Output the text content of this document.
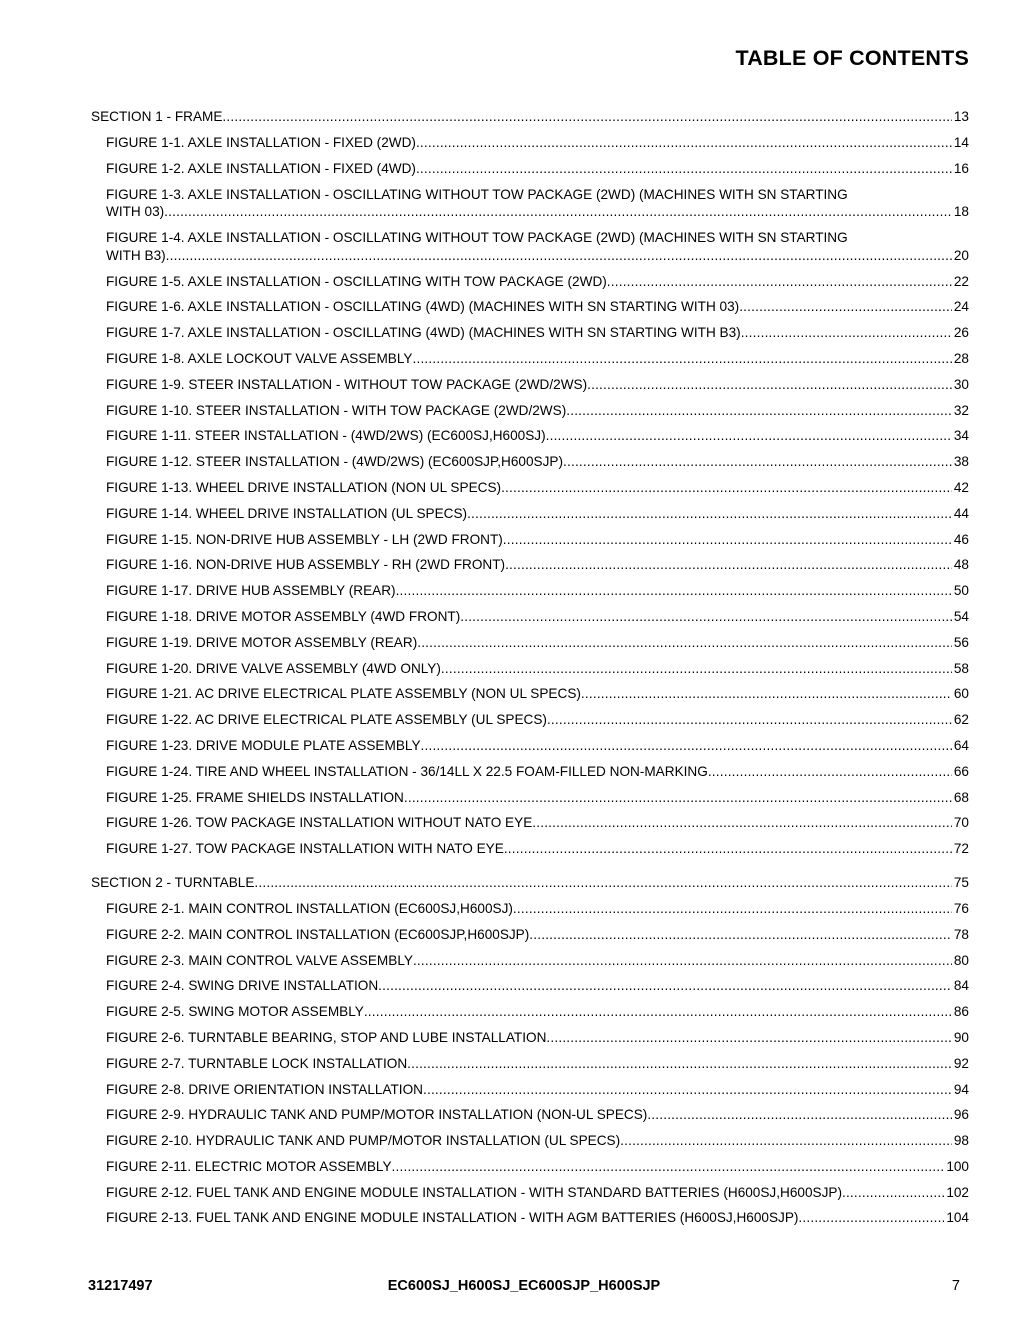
TABLE OF CONTENTS
SECTION 1 - FRAME .....	13
FIGURE 1-1. AXLE INSTALLATION - FIXED (2WD) .....	14
FIGURE 1-2. AXLE INSTALLATION - FIXED (4WD) .....	16
FIGURE 1-3. AXLE INSTALLATION - OSCILLATING WITHOUT TOW PACKAGE (2WD) (MACHINES WITH SN STARTING
WITH 03) .....	18
FIGURE 1-4. AXLE INSTALLATION - OSCILLATING WITHOUT TOW PACKAGE (2WD) (MACHINES WITH SN STARTING
WITH B3) .....	20
FIGURE 1-5. AXLE INSTALLATION - OSCILLATING WITH TOW PACKAGE (2WD) .....	22
FIGURE 1-6. AXLE INSTALLATION - OSCILLATING (4WD) (MACHINES WITH SN STARTING WITH 03) .....	24
FIGURE 1-7. AXLE INSTALLATION - OSCILLATING (4WD) (MACHINES WITH SN STARTING WITH B3) .....	26
FIGURE 1-8. AXLE LOCKOUT VALVE ASSEMBLY .....	28
FIGURE 1-9. STEER INSTALLATION - WITHOUT TOW PACKAGE (2WD/2WS) .....	30
FIGURE 1-10. STEER INSTALLATION - WITH TOW PACKAGE (2WD/2WS) .....	32
FIGURE 1-11. STEER INSTALLATION - (4WD/2WS) (EC600SJ,H600SJ) .....	34
FIGURE 1-12. STEER INSTALLATION - (4WD/2WS) (EC600SJP,H600SJP) .....	38
FIGURE 1-13. WHEEL DRIVE INSTALLATION (NON UL SPECS) .....	42
FIGURE 1-14. WHEEL DRIVE INSTALLATION (UL SPECS) .....	44
FIGURE 1-15. NON-DRIVE HUB ASSEMBLY - LH (2WD FRONT) .....	46
FIGURE 1-16. NON-DRIVE HUB ASSEMBLY - RH (2WD FRONT) .....	48
FIGURE 1-17. DRIVE HUB ASSEMBLY (REAR) .....	50
FIGURE 1-18. DRIVE MOTOR ASSEMBLY (4WD FRONT) .....	54
FIGURE 1-19. DRIVE MOTOR ASSEMBLY (REAR) .....	56
FIGURE 1-20. DRIVE VALVE ASSEMBLY (4WD ONLY) .....	58
FIGURE 1-21. AC DRIVE ELECTRICAL PLATE ASSEMBLY (NON UL SPECS) .....	60
FIGURE 1-22. AC DRIVE ELECTRICAL PLATE ASSEMBLY (UL SPECS) .....	62
FIGURE 1-23. DRIVE MODULE PLATE ASSEMBLY .....	64
FIGURE 1-24. TIRE AND WHEEL INSTALLATION - 36/14LL X 22.5 FOAM-FILLED NON-MARKING .....	66
FIGURE 1-25. FRAME SHIELDS INSTALLATION .....	68
FIGURE 1-26. TOW PACKAGE INSTALLATION WITHOUT NATO EYE .....	70
FIGURE 1-27. TOW PACKAGE INSTALLATION WITH NATO EYE .....	72
SECTION 2 - TURNTABLE .....	75
FIGURE 2-1. MAIN CONTROL INSTALLATION (EC600SJ,H600SJ) .....	76
FIGURE 2-2. MAIN CONTROL INSTALLATION (EC600SJP,H600SJP) .....	78
FIGURE 2-3. MAIN CONTROL VALVE ASSEMBLY .....	80
FIGURE 2-4. SWING DRIVE INSTALLATION .....	84
FIGURE 2-5. SWING MOTOR ASSEMBLY .....	86
FIGURE 2-6. TURNTABLE BEARING, STOP AND LUBE INSTALLATION .....	90
FIGURE 2-7. TURNTABLE LOCK INSTALLATION .....	92
FIGURE 2-8. DRIVE ORIENTATION INSTALLATION .....	94
FIGURE 2-9. HYDRAULIC TANK AND PUMP/MOTOR INSTALLATION (NON-UL SPECS) .....	96
FIGURE 2-10. HYDRAULIC TANK AND PUMP/MOTOR INSTALLATION (UL SPECS) .....	98
FIGURE 2-11. ELECTRIC MOTOR ASSEMBLY .....	100
FIGURE 2-12. FUEL TANK AND ENGINE MODULE INSTALLATION - WITH STANDARD BATTERIES (H600SJ,H600SJP) .....	102
FIGURE 2-13. FUEL TANK AND ENGINE MODULE INSTALLATION - WITH AGM BATTERIES (H600SJ,H600SJP) .....	104
31217497	EC600SJ_H600SJ_EC600SJP_H600SJP	7
